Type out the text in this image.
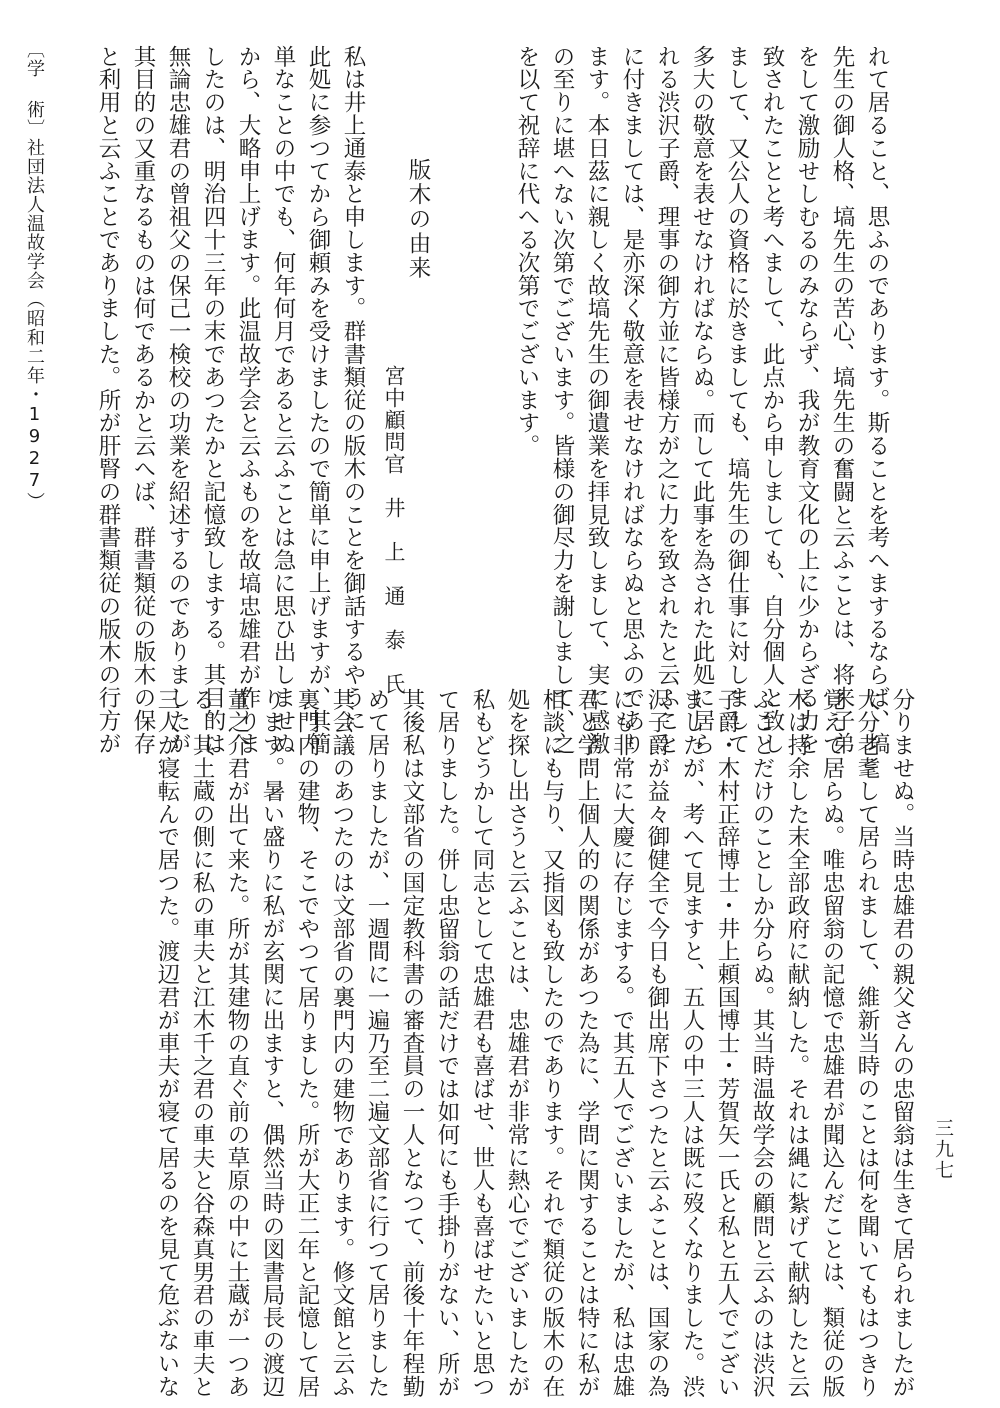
れて居ること、思ふのであります。斯ることを考へまするならば、塙
先生の御人格、塙先生の苦心、塙先生の奮闘と云ふことは、将来子弟
をして激励せしむるのみならず、我が教育文化の上に少からざる力を
致されたことと考へまして、此点から申しましても、自分個人と致し
まして、又公人の資格に於きましても、塙先生の御仕事に対しまして
多大の敬意を表せなければならぬ。而して此事を為された此処に居ら
れる渋沢子爵、理事の御方並に皆様方が之に力を致されたと云ふこと
に付きましては、是亦深く敬意を表せなければならぬと思ふのであり
ます。本日茲に親しく故塙先生の御遺業を拝見致しまして、実に感激
の至りに堪へない次第でございます。皆様の御尽力を謝しまして、之
を以て祝辞に代へる次第でございます。
版木の由来
宮中顧問官　井　上　通　泰　氏
私は井上通泰と申します。群書類従の版木のことを御話するやうに
此処に参つてから御頼みを受けましたので簡単に申上げますが、其簡
単なことの中でも、何年何月であると云ふことは急に思ひ出しませぬ
から、大略申上げます。此温故学会と云ふものを故塙忠雄君が作りま
したのは、明治四十三年の末であつたかと記憶致しまする。其目的は
無論忠雄君の曾祖父の保己一検校の功業を紹述するのでありましたが
其目的の又重なるものは何であるかと云へば、群書類従の版木の保存
と利用と云ふことでありました。所が肝腎の群書類従の版木の行方が
〔学 術〕社団法人温故学会（昭和二年・1927）
分りませぬ。当時忠雄君の親父さんの忠留翁は生きて居られましたが
大分老耄して居られまして、維新当時のことは何を聞いてもはつきり
覚えて居らぬ。唯忠留翁の記憶で忠雄君が聞込んだことは、類従の版
木は持余した末全部政府に献納した。それは縄に紮げて献納したと云
ふことだけのことしか分らぬ。其当時温故学会の顧問と云ふのは渋沢
子爵・木村正辞博士・井上頼国博士・芳賀矢一氏と私と五人でござい
ましたが、考へて見ますと、五人の中三人は既に歿くなりました。渋
沢子爵が益々御健全で今日も御出席下さつたと云ふことは、国家の為
にも非常に大慶に存じまする。で其五人でございましたが、私は忠雄
君と学問上個人的の関係があつた為に、学問に関することは特に私が
相談にも与り、又指図も致したのであります。それで類従の版木の在
処を探し出さうと云ふことは、忠雄君が非常に熱心でございましたが
私もどうかして同志として忠雄君も喜ばせ、世人も喜ばせたいと思つ
て居りました。併し忠留翁の話だけでは如何にも手掛りがない、所が
其後私は文部省の国定教科書の審査員の一人となつて、前後十年程勤
めて居りましたが、一週間に一遍乃至二遍文部省に行つて居りました
其会議のあつたのは文部省の裏門内の建物であります。修文館と云ふ
裏門内の建物、そこでやつて居りました。所が大正二年と記憶して居
ります。暑い盛りに私が玄関に出ますと、偶然当時の図書局長の渡辺
董之介君が出て来た。所が其建物の直ぐ前の草原の中に土蔵が一つあ
る。其土蔵の側に私の車夫と江木千之君の車夫と谷森真男君の車夫と
三人が寝転んで居つた。渡辺君が車夫が寝て居るのを見て危ぶないな	三九七
